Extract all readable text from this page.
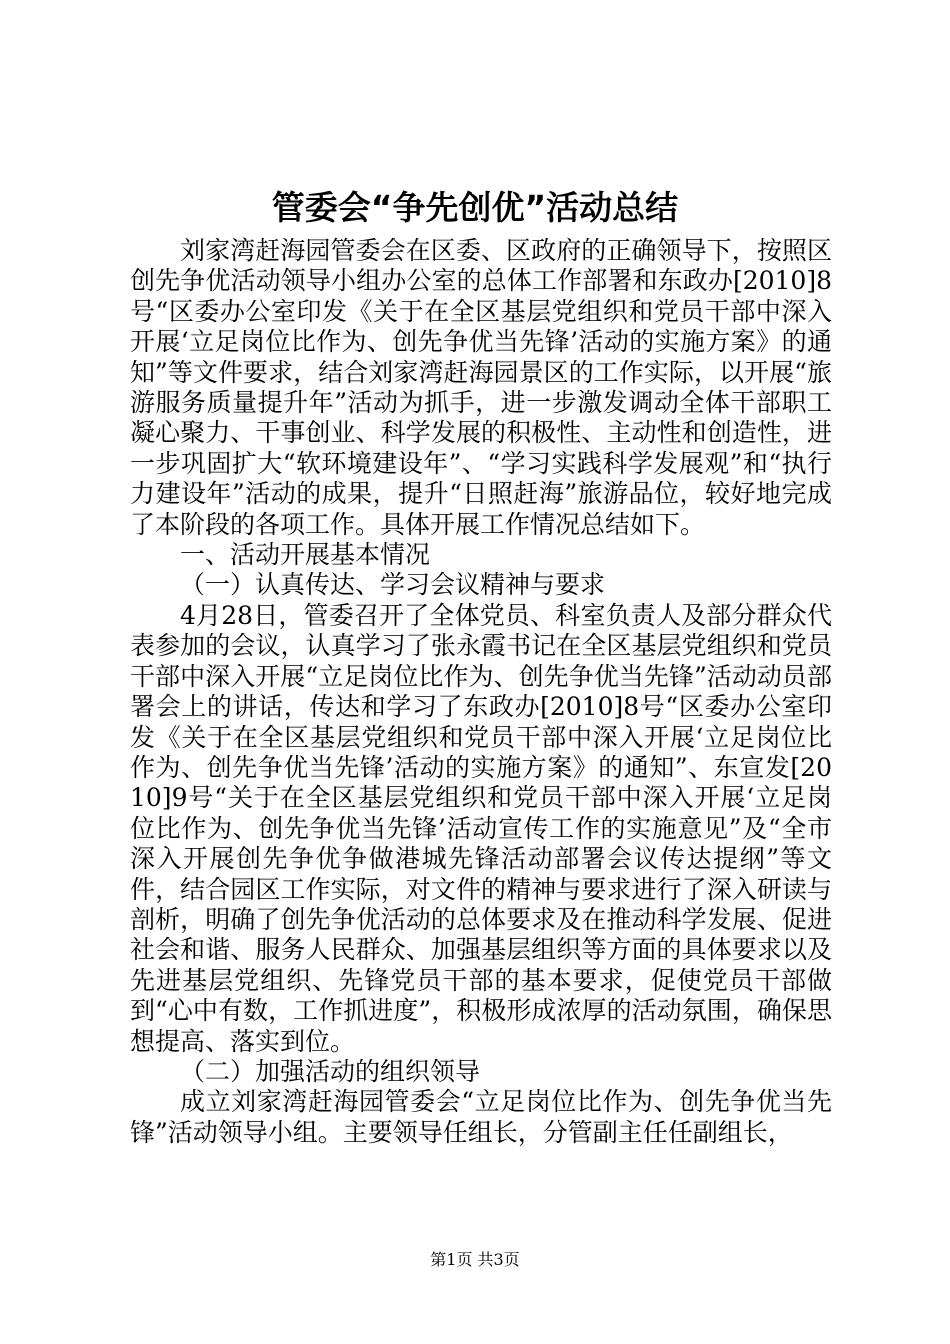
管委会“争先创优”活动总结

刘家湾赶海园管委会在区委、区政府的正确领导下，按照区创先争优活动领导小组办公室的总体工作部署和东政办[2010]8号“区委办公室印发《关于在全区基层党组织和党员干部中深入开展‘立足岗位比作为、创先争优当先锋’活动的实施方案》的通知”等文件要求，结合刘家湾赶海园景区的工作实际，以开展“旅游服务质量提升年”活动为抓手，进一步激发调动全体干部职工凝心聚力、干事创业、科学发展的积极性、主动性和创造性，进一步巩固扩大“软环境建设年”、“学习实践科学发展观”和“执行力建设年”活动的成果，提升“日照赶海”旅游品位，较好地完成了本阶段的各项工作。具体开展工作情况总结如下。

一、活动开展基本情况

（一）认真传达、学习会议精神与要求

4月28日，管委召开了全体党员、科室负责人及部分群众代表参加的会议，认真学习了张永霞书记在全区基层党组织和党员干部中深入开展“立足岗位比作为、创先争优当先锋”活动动员部署会上的讲话，传达和学习了东政办[2010]8号“区委办公室印发《关于在全区基层党组织和党员干部中深入开展‘立足岗位比作为、创先争优当先锋’活动的实施方案》的通知”、东宣发[2010]9号“关于在全区基层党组织和党员干部中深入开展‘立足岗位比作为、创先争优当先锋’活动宣传工作的实施意见”及“全市深入开展创先争优争做港城先锋活动部署会议传达提纲”等文件，结合园区工作实际，对文件的精神与要求进行了深入研读与剖析，明确了创先争优活动的总体要求及在推动科学发展、促进社会和谐、服务人民群众、加强基层组织等方面的具体要求以及先进基层党组织、先锋党员干部的基本要求，促使党员干部做到“心中有数，工作抓进度”，积极形成浓厚的活动氛围，确保思想提高、落实到位。

（二）加强活动的组织领导

成立刘家湾赶海园管委会“立足岗位比作为、创先争优当先锋”活动领导小组。主要领导任组长，分管副主任任副组长，

第1页 共3页
